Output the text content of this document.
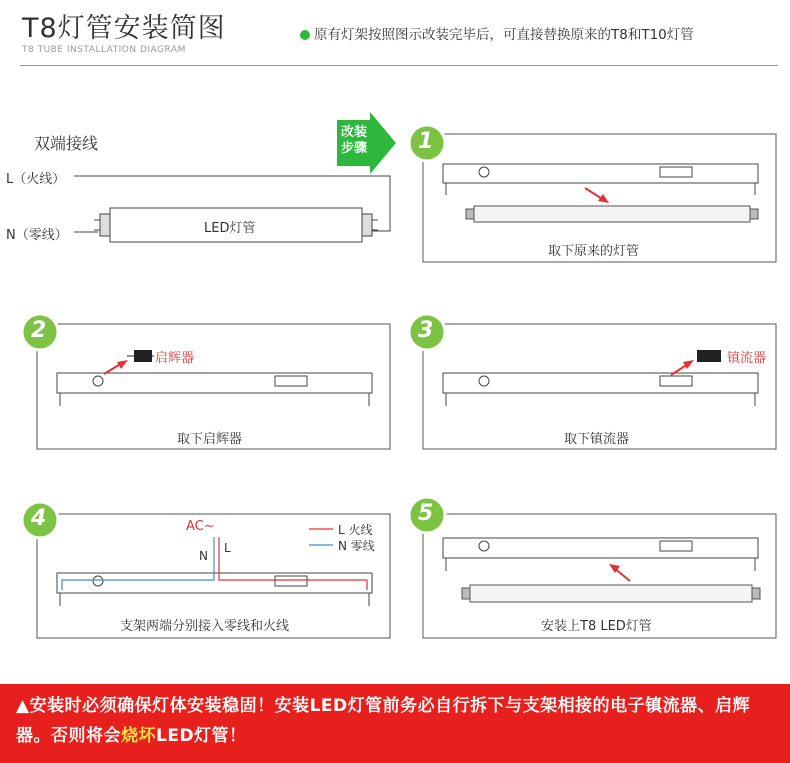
T8灯管安装简图
T8 TUBE INSTALLATION DIAGRAM
原有灯架按照图示改装完毕后，可直接替换原来的T8和T10灯管
双端接线
L（火线）
N（零线）	LED灯管
改装
步骤 1
2	3
4	5
取下原来的灯管
启辉器
取下启辉器
镇流器
取下镇流器
AC~
N
L
L 火线
N 零线
支架两端分别接入零线和火线	安装上T8 LED灯管
▲安装时必须确保灯体安装稳固！安装LED灯管前务必自行拆下与支架相接的电子镇流器、启辉器。否则将会烧坏LED灯管！
